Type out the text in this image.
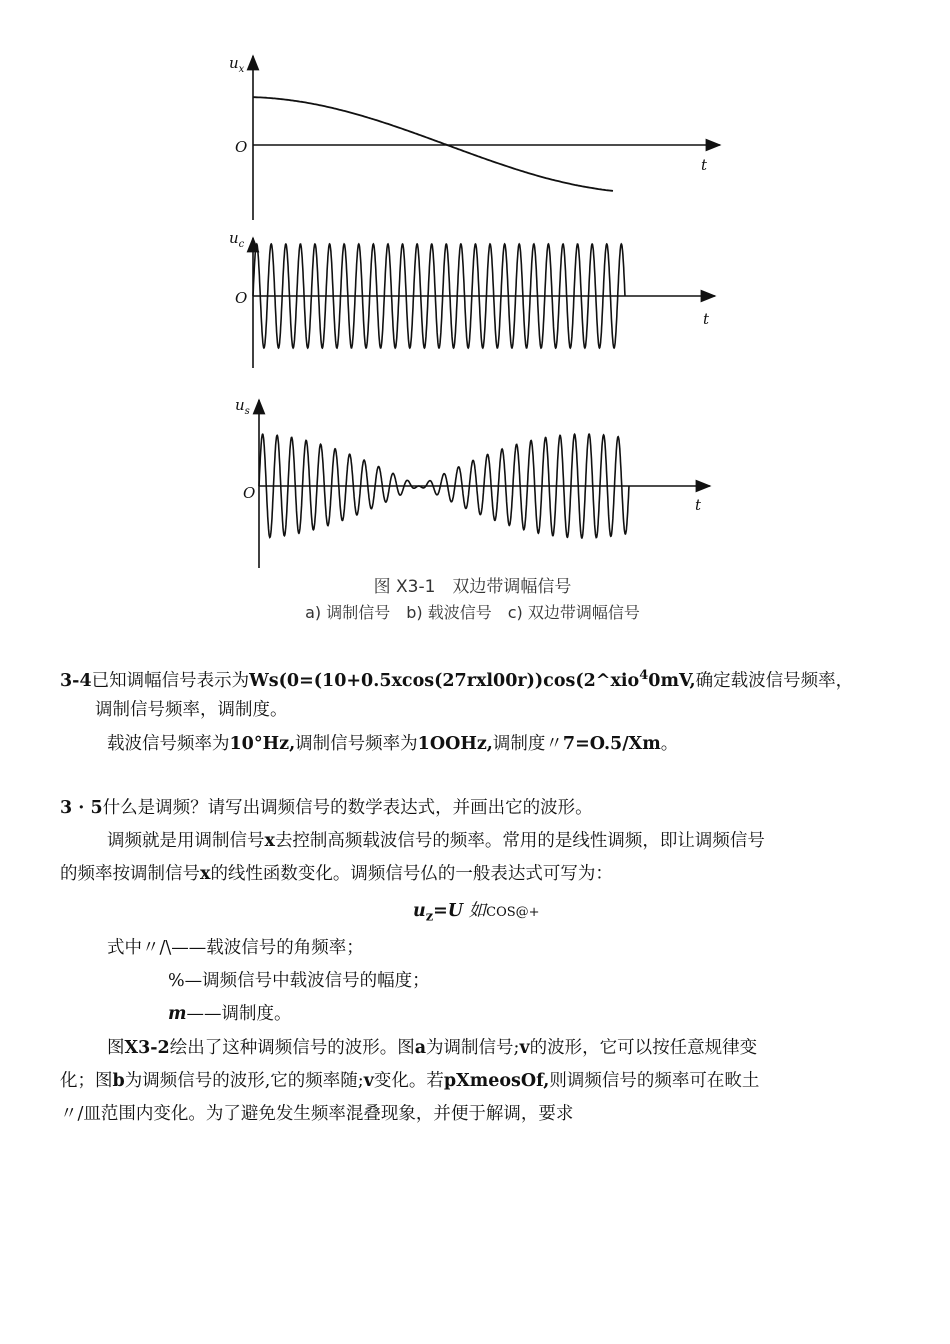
$u_x$
O
t
$u_c$
O
t
$u_s$
O
t
图 X3-1　双边带调幅信号
a) 调制信号　b) 载波信号　c) 双边带调幅信号
3-4已知调幅信号表示为Ws(0=(10+0.5xcos(27rxl00r))cos(2^xio$^4$0mV,确定载波信号频率，
调制信号频率，调制度。
载波信号频率为10°Hz,调制信号频率为1OOHz,调制度〃7=O.5/Xm。
3 · 5什么是调频？请写出调频信号的数学表达式，并画出它的波形。
调频就是用调制信号x去控制高频载波信号的频率。常用的是线性调频，即让调频信号
的频率按调制信号x的线性函数变化。调频信号仏的一般表达式可写为：
$u_z=U$ 如COS@+
式中〃/\——载波信号的角频率；
%—调频信号中载波信号的幅度；
m——调制度。
图X3-2绘出了这种调频信号的波形。图a为调制信号;v的波形，它可以按任意规律变
化；图b为调频信号的波形,它的频率随;v变化。若pXmeosOf,则调频信号的频率可在畋土
〃/皿范围内变化。为了避免发生频率混叠现象，并便于解调，要求
